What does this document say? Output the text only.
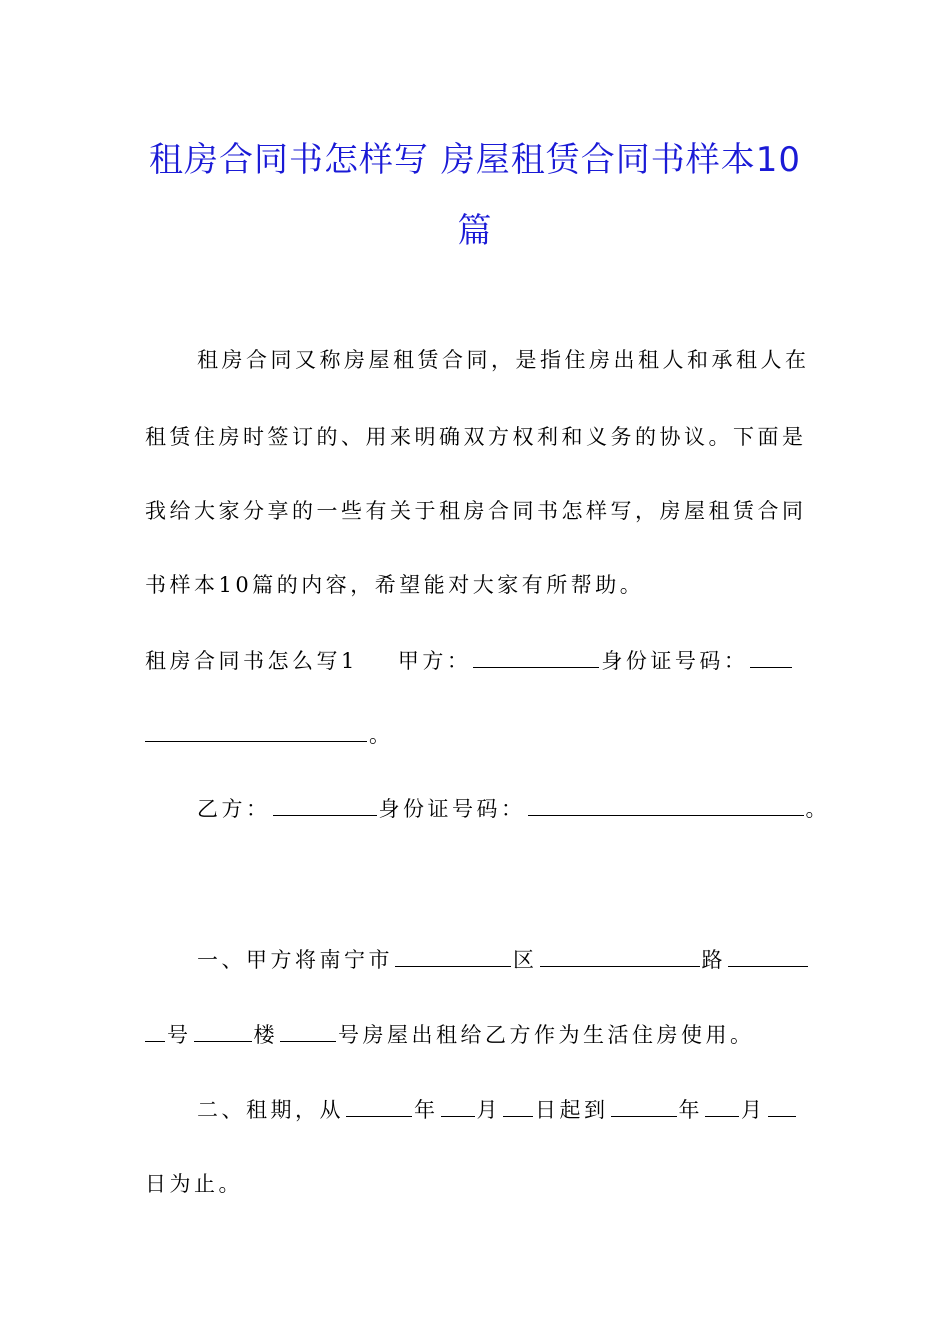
租房合同书怎样写 房屋租赁合同书样本10
篇
租房合同又称房屋租赁合同，是指住房出租人和承租人在
租赁住房时签订的、用来明确双方权利和义务的协议。下面是
我给大家分享的一些有关于租房合同书怎样写，房屋租赁合同
书样本10篇的内容，希望能对大家有所帮助。
租房合同书怎么写1 甲方：	身份证号码：
。
乙方：	身份证号码：	。
一、甲方将南宁市	区	路
号	楼	号房屋出租给乙方作为生活住房使用。
二、租期，从	年 月 日起到	年 月
日为止。
